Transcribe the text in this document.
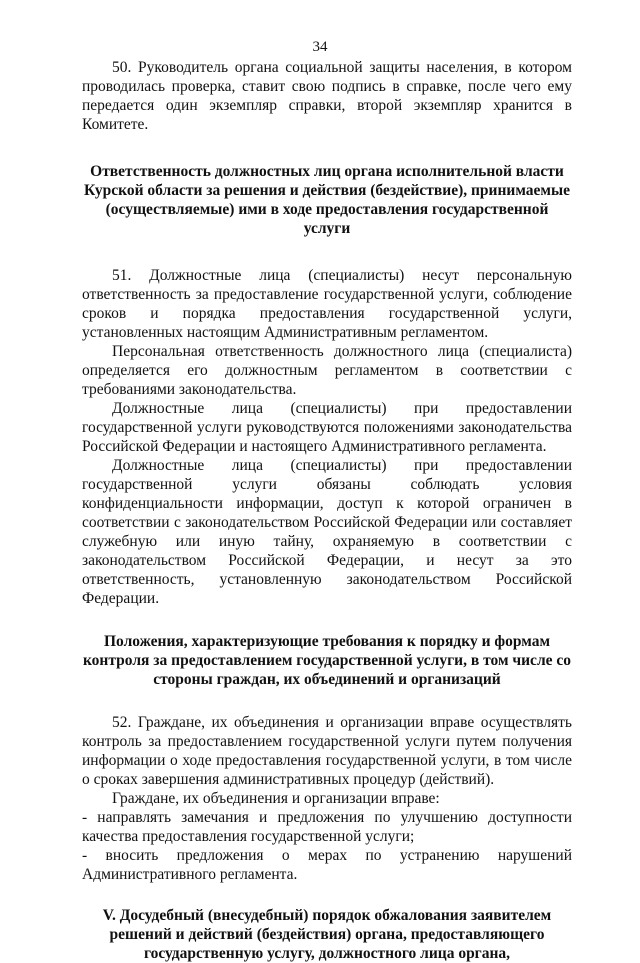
34

50. Руководитель органа социальной защиты населения, в котором проводилась проверка, ставит свою подпись в справке, после чего ему передается один экземпляр справки, второй экземпляр хранится в Комитете.

Ответственность должностных лиц органа исполнительной власти Курской области за решения и действия (бездействие), принимаемые (осуществляемые) ими в ходе предоставления государственной услуги

51. Должностные лица (специалисты) несут персональную ответственность за предоставление государственной услуги, соблюдение сроков и порядка предоставления государственной услуги, установленных настоящим Административным регламентом.

Персональная ответственность должностного лица (специалиста) определяется его должностным регламентом в соответствии с требованиями законодательства.

Должностные лица (специалисты) при предоставлении государственной услуги руководствуются положениями законодательства Российской Федерации и настоящего Административного регламента.

Должностные лица (специалисты) при предоставлении государственной услуги обязаны соблюдать условия конфиденциальности информации, доступ к которой ограничен в соответствии с законодательством Российской Федерации или составляет служебную или иную тайну, охраняемую в соответствии с законодательством Российской Федерации, и несут за это ответственность, установленную законодательством Российской Федерации.

Положения, характеризующие требования к порядку и формам контроля за предоставлением государственной услуги, в том числе со стороны граждан, их объединений и организаций

52. Граждане, их объединения и организации вправе осуществлять контроль за предоставлением государственной услуги путем получения информации о ходе предоставления государственной услуги, в том числе о сроках завершения административных процедур (действий).

Граждане, их объединения и организации вправе:

- направлять замечания и предложения по улучшению доступности качества предоставления государственной услуги;

- вносить предложения о мерах по устранению нарушений Административного регламента.

V. Досудебный (внесудебный) порядок обжалования заявителем решений и действий (бездействия) органа, предоставляющего государственную услугу, должностного лица органа,
